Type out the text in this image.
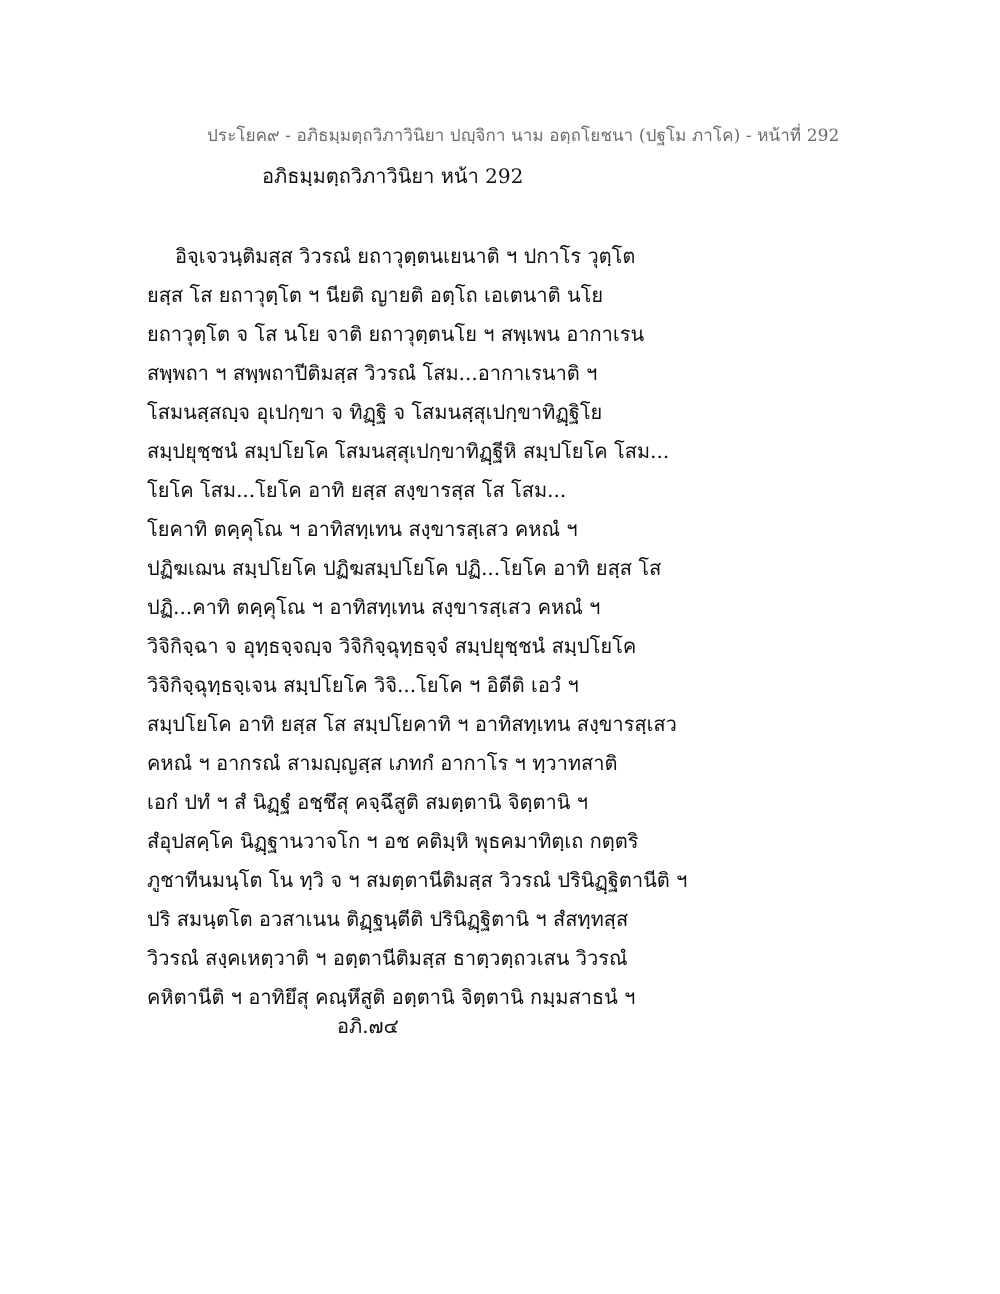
ประโยค๙ - อภิธมฺมตฺถวิภาวินิยา ปญฺจิกา นาม อตฺถโยชนา (ปฐโม ภาโค) - หน้าที่ 292
อภิธมฺมตฺถวิภาวินิยา หน้า 292
อิจฺเจวนฺติมสฺส วิวรณํ ยถาวุตฺตนเยนาติ ฯ ปกาโร วุตฺโต
ยสฺส โส ยถาวุตฺโต ฯ นียติ ญายติ อตฺโถ เอเตนาติ นโย
ยถาวุตฺโต จ โส นโย จาติ ยถาวุตฺตนโย ฯ สพฺเพน อากาเรน
สพฺพถา ฯ สพฺพถาปีติมสฺส วิวรณํ โสม...อากาเรนาติ ฯ
โสมนสฺสญฺจ อุเปกฺขา จ ทิฏฺฐิ จ โสมนสฺสุเปกฺขาทิฏฺฐิโย
สมฺปยุชฺชนํ สมฺปโยโค โสมนสฺสุเปกฺขาทิฏฺฐีหิ สมฺปโยโค โสม...
โยโค โสม...โยโค อาทิ ยสฺส สงฺขารสฺส โส โสม...
โยคาทิ ตคฺคุโณ ฯ อาทิสทฺเทน สงฺขารสฺเสว คหณํ ฯ
ปฏิฆเฌน สมฺปโยโค ปฏิฆสมฺปโยโค ปฏิ...โยโค อาทิ ยสฺส โส
ปฏิ...คาทิ ตคฺคุโณ ฯ อาทิสทฺเทน สงฺขารสฺเสว คหณํ ฯ
วิจิกิจฺฉา จ อุทฺธจฺจญฺจ วิจิกิจฺฉุทฺธจฺจํ สมฺปยุชฺชนํ สมฺปโยโค
วิจิกิจฺฉุทฺธจฺเจน สมฺปโยโค วิจิ...โยโค ฯ อิตีติ เอวํ ฯ
สมฺปโยโค อาทิ ยสฺส โส สมฺปโยคาทิ ฯ อาทิสทฺเทน สงฺขารสฺเสว
คหณํ ฯ อากรณํ สามญฺญสฺส เภทกํ อากาโร ฯ ทฺวาทสาติ
เอกํ ปทํ ฯ สํ นิฏฺฐํ อชฺชึสุ คจฺฉึสูติ สมตฺตานิ จิตฺตานิ ฯ
สํอุปสคฺโค นิฏฺฐานวาจโก ฯ อช คติมฺหิ พุธคมาทิตฺเถ กตฺตริ
ภูชาทีนมนฺโต โน ทฺวิ จ ฯ สมตฺตานีติมสฺส วิวรณํ ปรินิฏฺฐิตานีติ ฯ
ปริ สมนฺตโต อวสาเนน ติฏฺฐนฺตีติ ปรินิฏฺฐิตานิ ฯ สํสทฺทสฺส
วิวรณํ สงฺคเหตฺวาติ ฯ อตฺตานีติมสฺส ธาตฺวตฺถวเสน วิวรณํ
คหิตานีติ ฯ อาทิยึสุ คณฺหึสูติ อตฺตานิ จิตฺตานิ กมฺมสาธนํ ฯ
อภิ.๗๔
